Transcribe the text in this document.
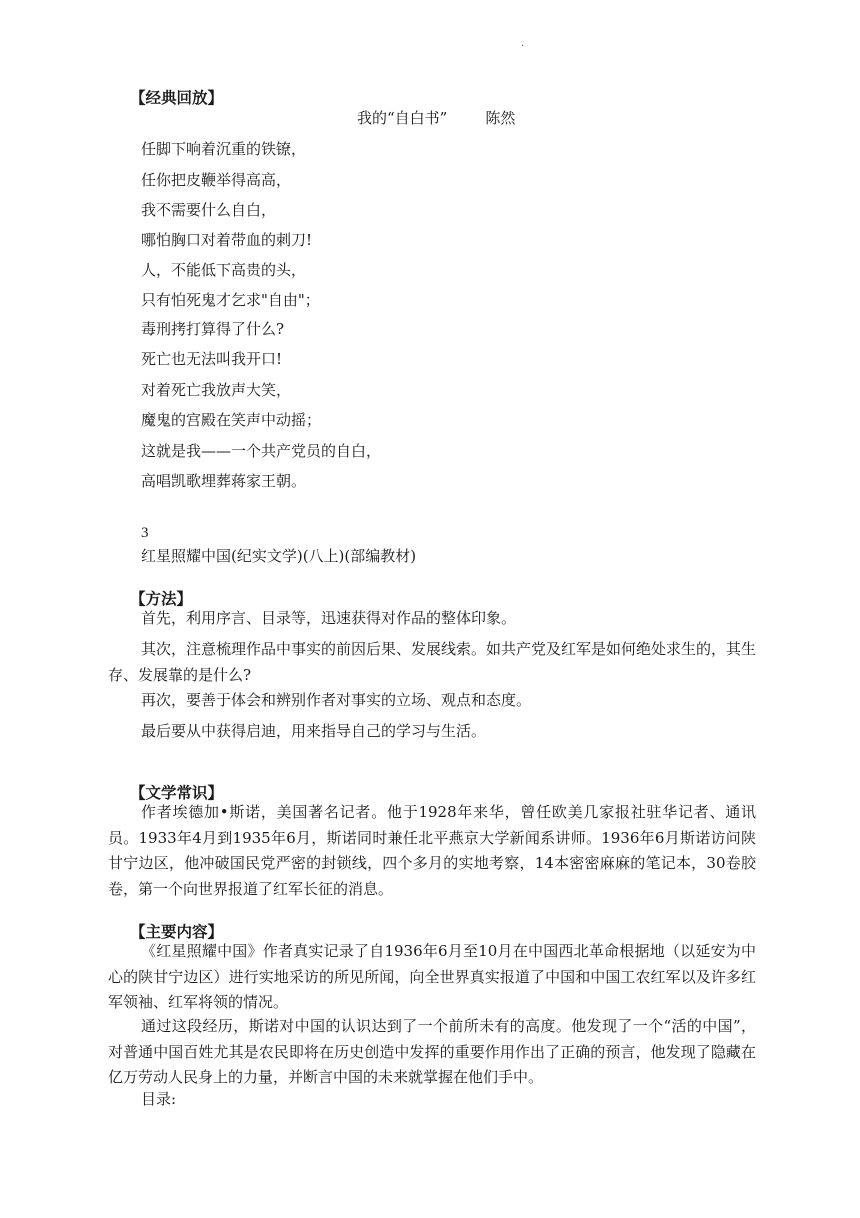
.
【经典回放】
我的“自白书”	陈然
任脚下响着沉重的铁镣，
任你把皮鞭举得高高，
我不需要什么自白，
哪怕胸口对着带血的刺刀!
人，不能低下高贵的头，
只有怕死鬼才乞求"自由"；
毒刑拷打算得了什么?
死亡也无法叫我开口!
对着死亡我放声大笑，
魔鬼的宫殿在笑声中动摇；
这就是我——一个共产党员的自白，
高唱凯歌埋葬蒋家王朝。
3
红星照耀中国(纪实文学)(八上)(部编教材)
【方法】
首先，利用序言、目录等，迅速获得对作品的整体印象。
其次，注意梳理作品中事实的前因后果、发展线索。如共产党及红军是如何绝处求生的，其生存、发展靠的是什么?
再次，要善于体会和辨别作者对事实的立场、观点和态度。
最后要从中获得启迪，用来指导自己的学习与生活。
【文学常识】
作者埃德加•斯诺，美国著名记者。他于1928年来华，曾任欧美几家报社驻华记者、通讯员。1933年4月到1935年6月，斯诺同时兼任北平燕京大学新闻系讲师。1936年6月斯诺访问陕甘宁边区，他冲破国民党严密的封锁线，四个多月的实地考察，14本密密麻麻的笔记本，30卷胶卷，第一个向世界报道了红军长征的消息。
【主要内容】
《红星照耀中国》作者真实记录了自1936年6月至10月在中国西北革命根据地（以延安为中心的陕甘宁边区）进行实地采访的所见所闻，向全世界真实报道了中国和中国工农红军以及许多红军领袖、红军将领的情况。
通过这段经历，斯诺对中国的认识达到了一个前所未有的高度。他发现了一个“活的中国”，对普通中国百姓尤其是农民即将在历史创造中发挥的重要作用作出了正确的预言，他发现了隐藏在亿万劳动人民身上的力量，并断言中国的未来就掌握在他们手中。
目录:
